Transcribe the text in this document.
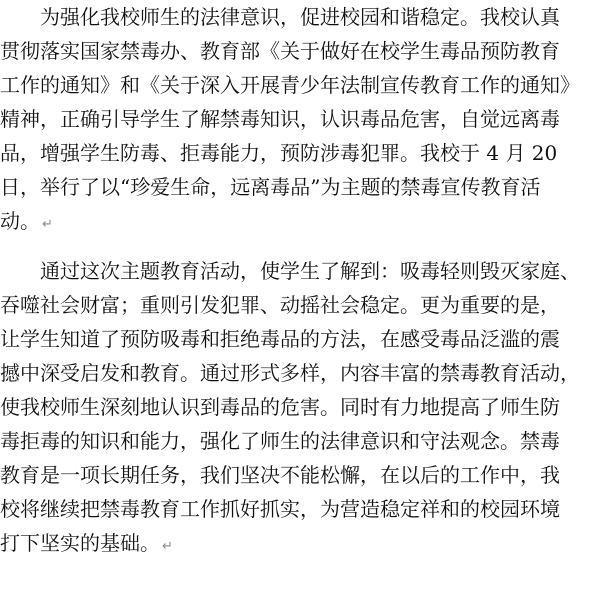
　　为强化我校师生的法律意识，促进校园和谐稳定。我校认真
贯彻落实国家禁毒办、教育部《关于做好在校学生毒品预防教育
工作的通知》和《关于深入开展青少年法制宣传教育工作的通知》
精神，正确引导学生了解禁毒知识，认识毒品危害，自觉远离毒
品，增强学生防毒、拒毒能力，预防涉毒犯罪。我校于 4 月 20
日，举行了以“珍爱生命，远离毒品”为主题的禁毒宣传教育活
动。 ↵
　　通过这次主题教育活动，使学生了解到：吸毒轻则毁灭家庭、
吞噬社会财富；重则引发犯罪、动摇社会稳定。更为重要的是，
让学生知道了预防吸毒和拒绝毒品的方法，在感受毒品泛滥的震
撼中深受启发和教育。通过形式多样，内容丰富的禁毒教育活动，
使我校师生深刻地认识到毒品的危害。同时有力地提高了师生防
毒拒毒的知识和能力，强化了师生的法律意识和守法观念。禁毒
教育是一项长期任务，我们坚决不能松懈，在以后的工作中，我
校将继续把禁毒教育工作抓好抓实，为营造稳定祥和的校园环境
打下坚实的基础。 ↵
